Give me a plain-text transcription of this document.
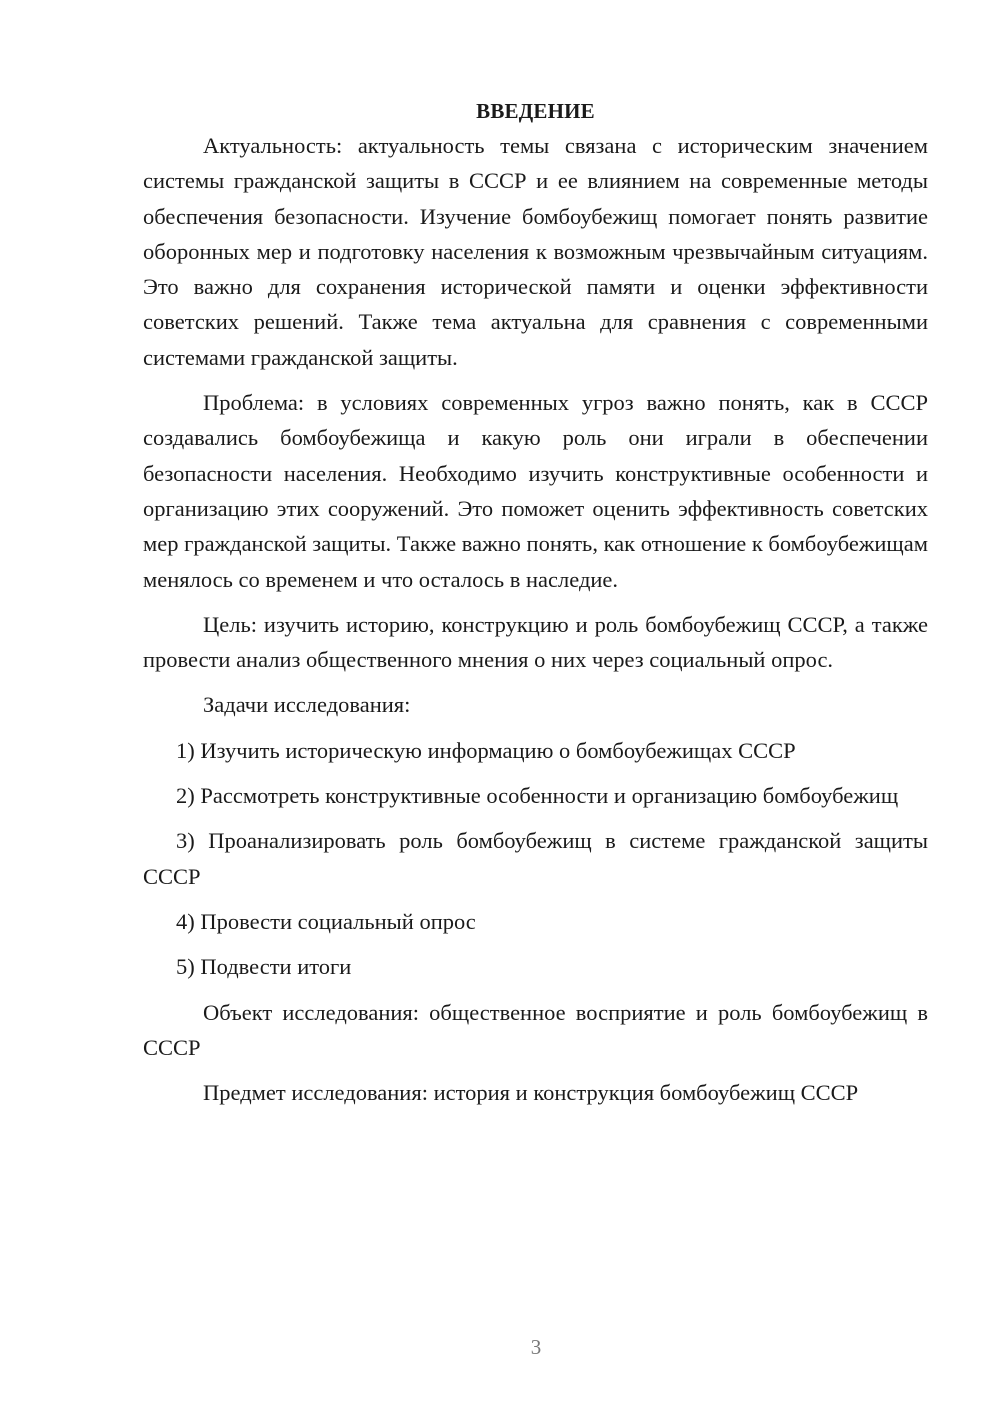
ВВЕДЕНИЕ

Актуальность: актуальность темы связана с историческим значением системы гражданской защиты в СССР и ее влиянием на современные методы обеспечения безопасности. Изучение бомбоубежищ помогает понять развитие оборонных мер и подготовку населения к возможным чрезвычайным ситуациям. Это важно для сохранения исторической памяти и оценки эффективности советских решений. Также тема актуальна для сравнения с современными системами гражданской защиты.

Проблема: в условиях современных угроз важно понять, как в СССР создавались бомбоубежища и какую роль они играли в обеспечении безопасности населения. Необходимо изучить конструктивные особенности и организацию этих сооружений. Это поможет оценить эффективность советских мер гражданской защиты. Также важно понять, как отношение к бомбоубежищам менялось со временем и что осталось в наследие.

Цель: изучить историю, конструкцию и роль бомбоубежищ СССР, а также провести анализ общественного мнения о них через социальный опрос.

Задачи исследования:

1) Изучить историческую информацию о бомбоубежищах СССР

2) Рассмотреть конструктивные особенности и организацию бомбоубежищ

3) Проанализировать роль бомбоубежищ в системе гражданской защиты СССР

4) Провести социальный опрос

5) Подвести итоги

Объект исследования: общественное восприятие и роль бомбоубежищ в СССР

Предмет исследования: история и конструкция бомбоубежищ СССР

3
